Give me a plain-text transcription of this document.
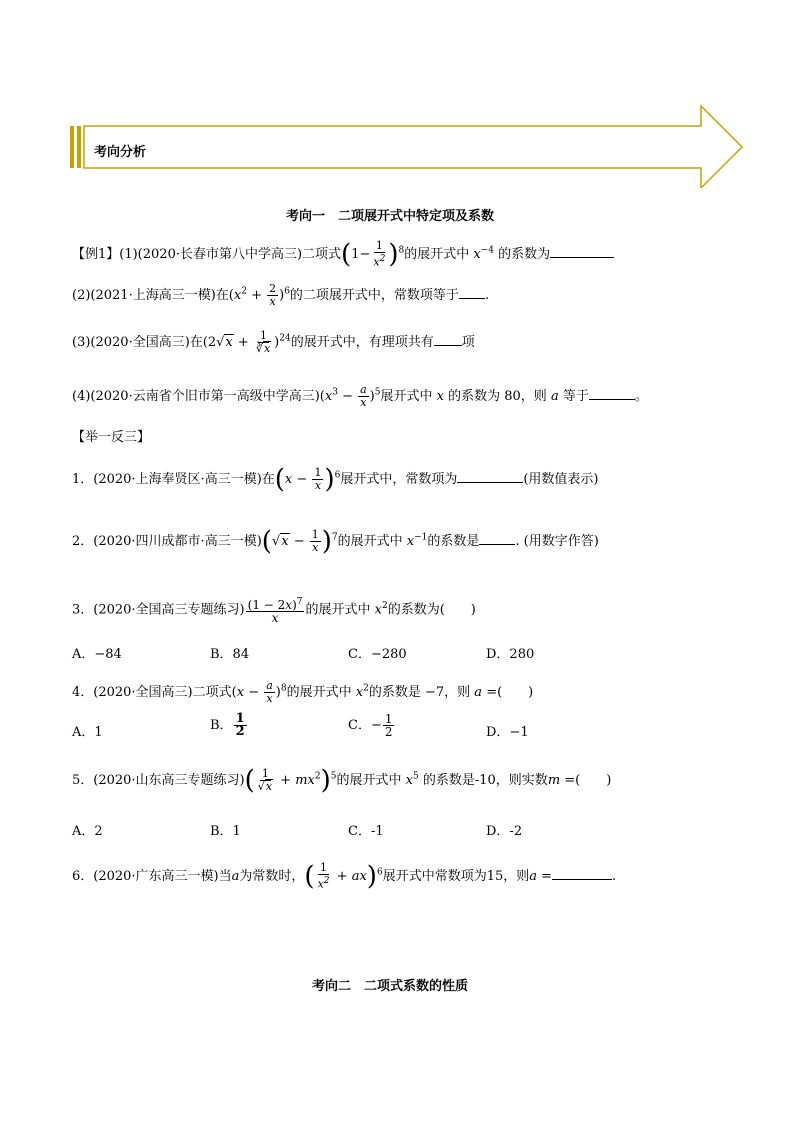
考向分析
考向一　二项展开式中特定项及系数
【例1】(1)(2020·长春市第八中学高三)二项式$(1- \frac{1}{x^2} )^8$的展开式中 $x^{-4}$ 的系数为
(2)(2021·上海高三一模)在$(x^2 + \frac{2}{x} )^6$的二项展开式中，常数项等于 .
(3)(2020·全国高三)在$(2√x + \frac{1}{∛x} )^{24}$的展开式中，有理项共有 项
(4)(2020·云南省个旧市第一高级中学高三)$(x^3 - \frac{a}{x} )^5$展开式中 x 的系数为 80，则 a 等于	。
【举一反三】
1．(2020·上海奉贤区·高三一模)在$(x - \frac{1}{x} )^6$展开式中，常数项为	(用数值表示)
2．(2020·四川成都市·高三一模)$(√x - \frac{1}{x} )^7$的展开式中 $x^{-1}$的系数是	. (用数字作答)
3．(2020·全国高三专题练习) $\frac{(1 - 2x)^7}{x}$ 的展开式中 $x^2$的系数为(　　)
A．−84	B．84	C．−280	D．280
4．(2020·全国高三)二项式$(x - \frac{a}{x} )^8$的展开式中 $x^2$的系数是 −7，则 a =(　　)
A．1	B． $\frac{1}{2}$	C．− $\frac{1}{2}$	D．−1
5．(2020·山东高三专题练习)( $\frac{1}{√x} + mx^2)^5$的展开式中 $x^5$ 的系数是-10，则实数m =(　　)
A．2	B．1	C．-1	D．-2
6．(2020·广东高三一模)当a为常数时，( $\frac{1}{x^2} + ax)^6$展开式中常数项为15，则a =	.
考向二　二项式系数的性质
